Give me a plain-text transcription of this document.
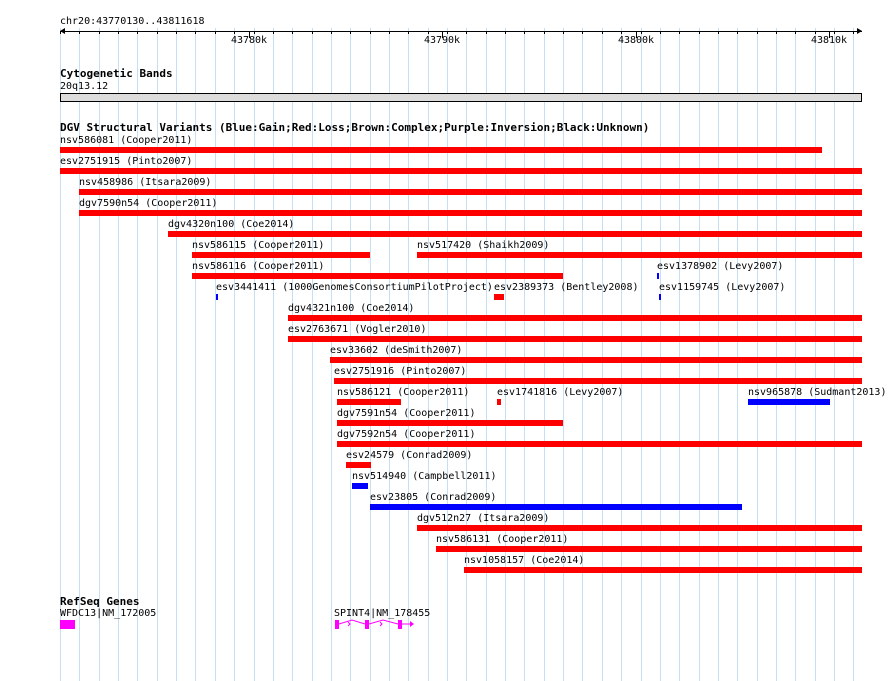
chr20:43770130..43811618
43780k	43790k	43800k	43810k
Cytogenetic Bands
20q13.12
DGV Structural Variants (Blue:Gain;Red:Loss;Brown:Complex;Purple:Inversion;Black:Unknown)
nsv586081 (Cooper2011)
esv2751915 (Pinto2007)
nsv458986 (Itsara2009)
dgv7590n54 (Cooper2011)
dgv4320n100 (Coe2014)
nsv586115 (Cooper2011)	nsv517420 (Shaikh2009)
nsv586116 (Cooper2011)	esv1378902 (Levy2007)
esv3441411 (1000GenomesConsortiumPilotProject) esv2389373 (Bentley2008) esv1159745 (Levy2007)
dgv4321n100 (Coe2014)
esv2763671 (Vogler2010)
esv33602 (deSmith2007)
esv2751916 (Pinto2007)
nsv586121 (Cooper2011)	esv1741816 (Levy2007)	nsv965878 (Sudmant2013)
dgv7591n54 (Cooper2011)
dgv7592n54 (Cooper2011)
esv24579 (Conrad2009)
nsv514940 (Campbell2011)
esv23805 (Conrad2009)
dgv512n27 (Itsara2009)
nsv586131 (Cooper2011)
nsv1058157 (Coe2014)
RefSeq Genes
WFDC13|NM_172005	SPINT4|NM_178455
